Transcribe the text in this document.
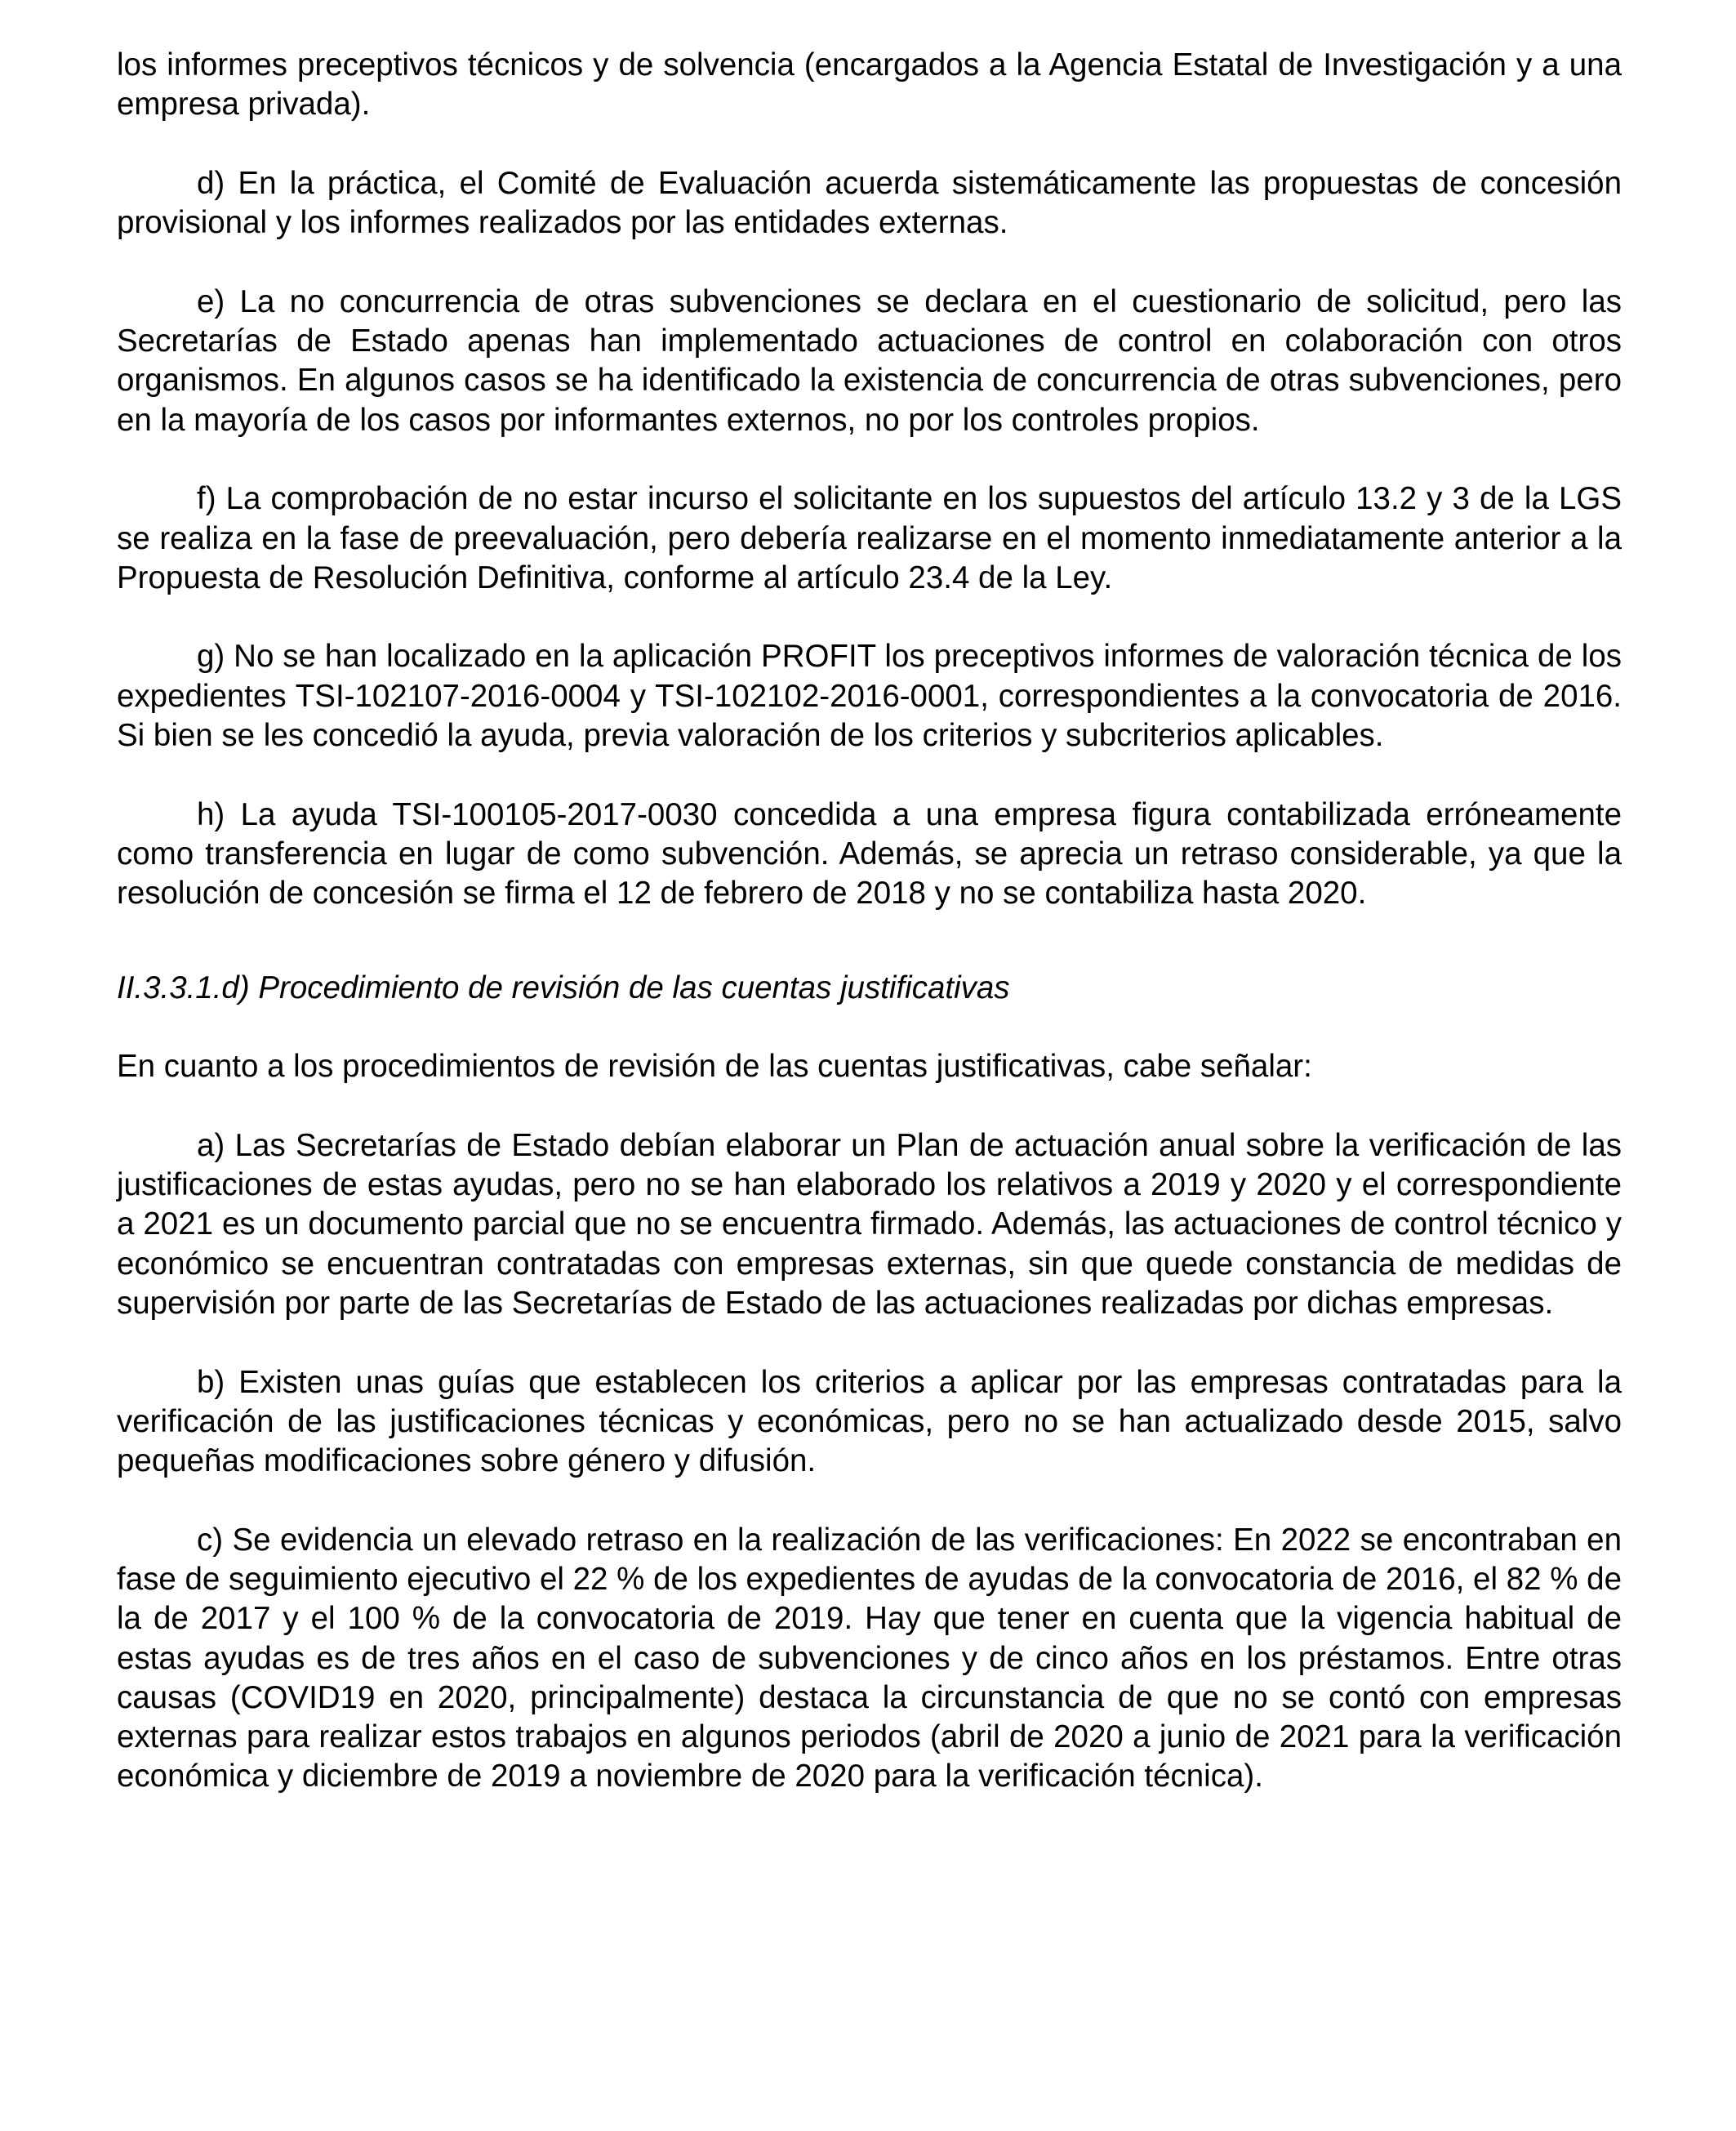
los informes preceptivos técnicos y de solvencia (encargados a la Agencia Estatal de Investigación y a una empresa privada).

d) En la práctica, el Comité de Evaluación acuerda sistemáticamente las propuestas de concesión provisional y los informes realizados por las entidades externas.

e) La no concurrencia de otras subvenciones se declara en el cuestionario de solicitud, pero las Secretarías de Estado apenas han implementado actuaciones de control en colaboración con otros organismos. En algunos casos se ha identificado la existencia de concurrencia de otras subvenciones, pero en la mayoría de los casos por informantes externos, no por los controles propios.

f) La comprobación de no estar incurso el solicitante en los supuestos del artículo 13.2 y 3 de la LGS se realiza en la fase de preevaluación, pero debería realizarse en el momento inmediatamente anterior a la Propuesta de Resolución Definitiva, conforme al artículo 23.4 de la Ley.

g) No se han localizado en la aplicación PROFIT los preceptivos informes de valoración técnica de los expedientes TSI-102107-2016-0004 y TSI-102102-2016-0001, correspondientes a la convocatoria de 2016. Si bien se les concedió la ayuda, previa valoración de los criterios y subcriterios aplicables.

h) La ayuda TSI-100105-2017-0030 concedida a una empresa figura contabilizada erróneamente como transferencia en lugar de como subvención. Además, se aprecia un retraso considerable, ya que la resolución de concesión se firma el 12 de febrero de 2018 y no se contabiliza hasta 2020.

II.3.3.1.d) Procedimiento de revisión de las cuentas justificativas

En cuanto a los procedimientos de revisión de las cuentas justificativas, cabe señalar:

a) Las Secretarías de Estado debían elaborar un Plan de actuación anual sobre la verificación de las justificaciones de estas ayudas, pero no se han elaborado los relativos a 2019 y 2020 y el correspondiente a 2021 es un documento parcial que no se encuentra firmado. Además, las actuaciones de control técnico y económico se encuentran contratadas con empresas externas, sin que quede constancia de medidas de supervisión por parte de las Secretarías de Estado de las actuaciones realizadas por dichas empresas.

b) Existen unas guías que establecen los criterios a aplicar por las empresas contratadas para la verificación de las justificaciones técnicas y económicas, pero no se han actualizado desde 2015, salvo pequeñas modificaciones sobre género y difusión.

c) Se evidencia un elevado retraso en la realización de las verificaciones: En 2022 se encontraban en fase de seguimiento ejecutivo el 22 % de los expedientes de ayudas de la convocatoria de 2016, el 82 % de la de 2017 y el 100 % de la convocatoria de 2019. Hay que tener en cuenta que la vigencia habitual de estas ayudas es de tres años en el caso de subvenciones y de cinco años en los préstamos. Entre otras causas (COVID19 en 2020, principalmente) destaca la circunstancia de que no se contó con empresas externas para realizar estos trabajos en algunos periodos (abril de 2020 a junio de 2021 para la verificación económica y diciembre de 2019 a noviembre de 2020 para la verificación técnica).
